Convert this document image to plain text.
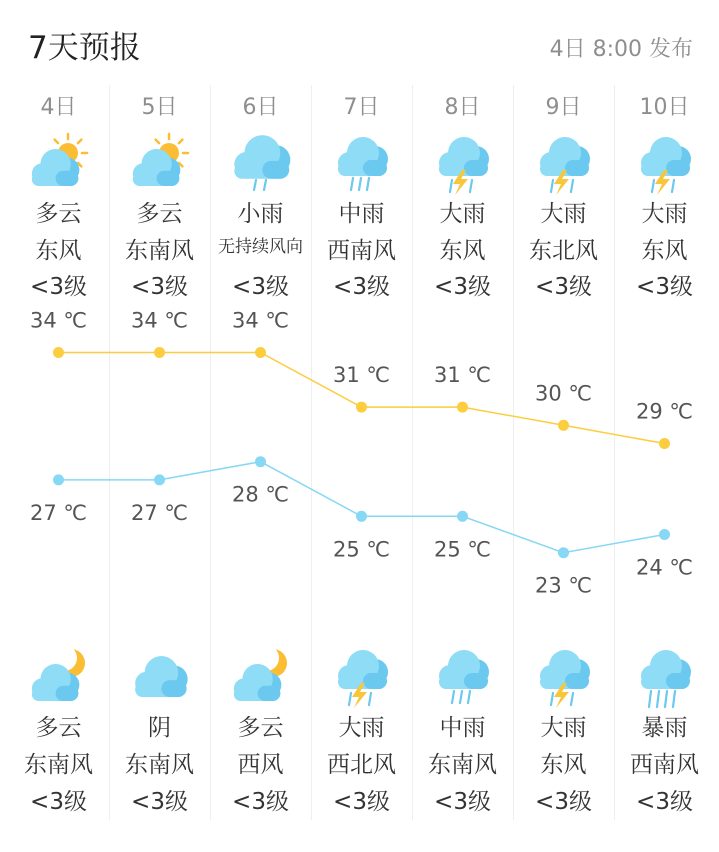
7天预报	4日 8:00 发布
4日
多云
东风
<3级
多云
东南风
<3级
5日
多云
东南风
<3级
阴
东南风
<3级
6日
小雨
无持续风向
<3级
多云
西风
<3级
7日
中雨
西南风
<3级
大雨
西北风
<3级
8日
大雨
东风
<3级
中雨
东南风
<3级
9日
大雨
东北风
<3级
大雨
东风
<3级
10日
大雨
东风
<3级
暴雨
西南风
<3级
34 ℃ 34 ℃ 34 ℃
31 ℃ 31 ℃
30 ℃
29 ℃
27 ℃ 27 ℃
28 ℃
25 ℃ 25 ℃
23 ℃
24 ℃
